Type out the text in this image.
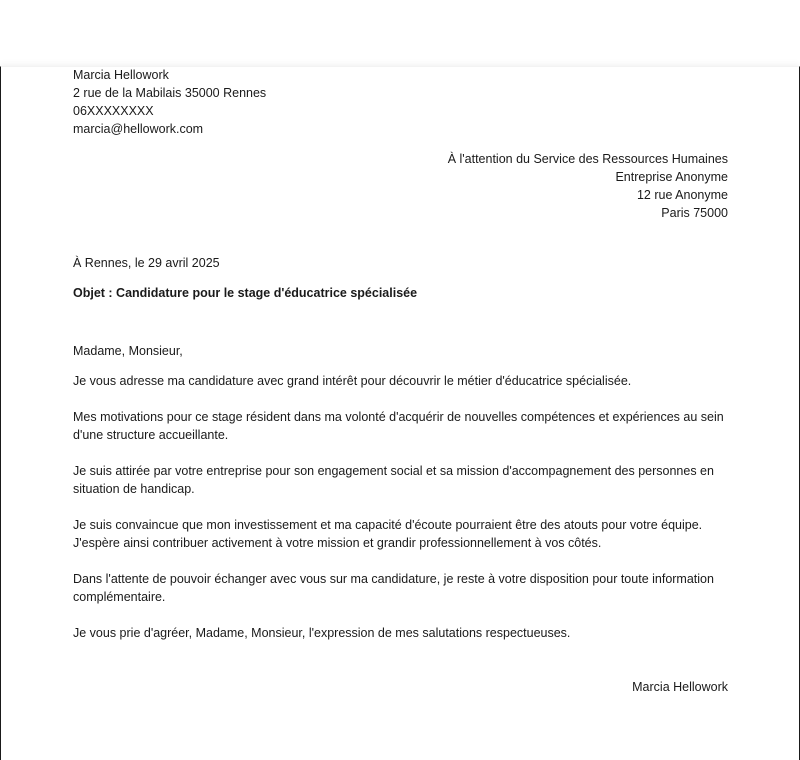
Marcia Hellowork
2 rue de la Mabilais 35000 Rennes
06XXXXXXXX
marcia@hellowork.com
À l'attention du Service des Ressources Humaines
Entreprise Anonyme
12 rue Anonyme
Paris 75000
À Rennes, le 29 avril 2025
Objet : Candidature pour le stage d'éducatrice spécialisée
Madame, Monsieur,
Je vous adresse ma candidature avec grand intérêt pour découvrir le métier d'éducatrice spécialisée.
Mes motivations pour ce stage résident dans ma volonté d'acquérir de nouvelles compétences et expériences au sein d'une structure accueillante.
Je suis attirée par votre entreprise pour son engagement social et sa mission d'accompagnement des personnes en situation de handicap.
Je suis convaincue que mon investissement et ma capacité d'écoute pourraient être des atouts pour votre équipe. J'espère ainsi contribuer activement à votre mission et grandir professionnellement à vos côtés.
Dans l'attente de pouvoir échanger avec vous sur ma candidature, je reste à votre disposition pour toute information complémentaire.
Je vous prie d'agréer, Madame, Monsieur, l'expression de mes salutations respectueuses.
Marcia Hellowork
